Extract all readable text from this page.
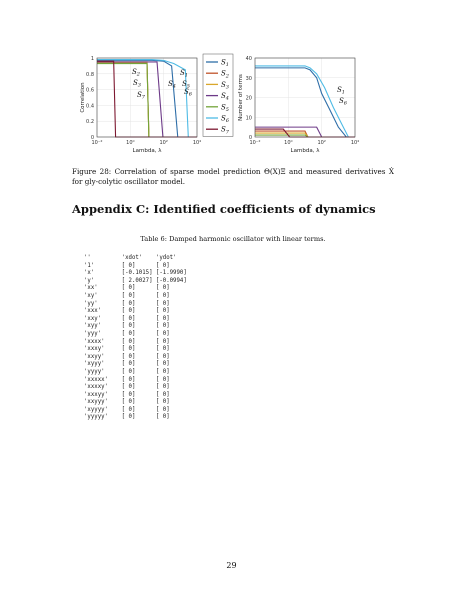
10⁻²	10⁰	10²	10⁴
0
0.2
0.4
0.6
0.8
1
Lambda, λ
Correlation
$S_2$
$S_3$
$S_7$
$S_4$
$S_1$
$S_5$
$S_6$
10⁻²	10⁰	10²	10⁴
0
10
20
30
40
Lambda, λ
Number of terms	$S_1$
$S_6$
$S_1$
$S_2$
$S_3$
$S_4$
$S_5$
$S_6$
$S_7$
Figure 28: Correlation of sparse model prediction Θ(X)Ξ and measured derivatives Ẋ for gly-colytic oscillator model.
Appendix C: Identified coefficients of dynamics
Table 6: Damped harmonic oscillator with linear terms.
''         'xdot'    'ydot'
'1'        [ 0]      [ 0]
'x'        [-0.1015] [-1.9990]
'y'        [ 2.0027] [-0.0994]
'xx'       [ 0]      [ 0]
'xy'       [ 0]      [ 0]
'yy'       [ 0]      [ 0]
'xxx'      [ 0]      [ 0]
'xxy'      [ 0]      [ 0]
'xyy'      [ 0]      [ 0]
'yyy'      [ 0]      [ 0]
'xxxx'     [ 0]      [ 0]
'xxxy'     [ 0]      [ 0]
'xxyy'     [ 0]      [ 0]
'xyyy'     [ 0]      [ 0]
'yyyy'     [ 0]      [ 0]
'xxxxx'    [ 0]      [ 0]
'xxxxy'    [ 0]      [ 0]
'xxxyy'    [ 0]      [ 0]
'xxyyy'    [ 0]      [ 0]
'xyyyy'    [ 0]      [ 0]
'yyyyy'    [ 0]      [ 0]
29
